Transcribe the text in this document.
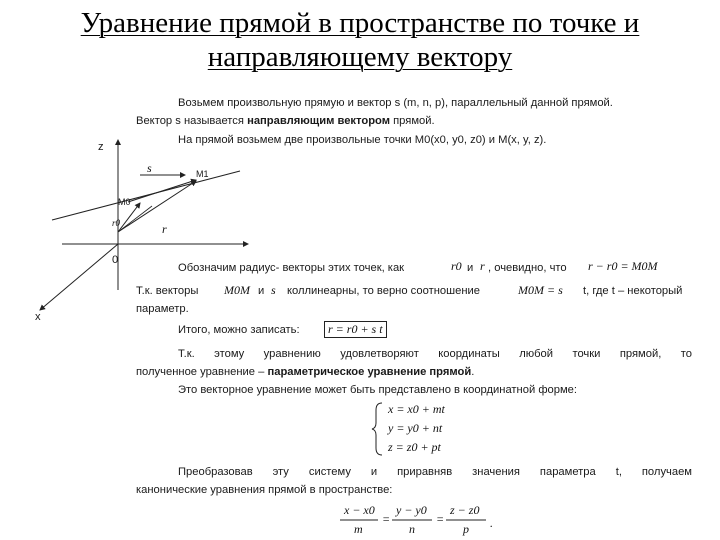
Уравнение прямой в пространстве по точке и
направляющему вектору
z
x
0
s	M1
M0
r
r0
Возьмем произвольную прямую и вектор s (m, n, p), параллельный данной прямой.
Вектор s называется направляющим вектором прямой.
На прямой возьмем две произвольные точки M0(x0, y0, z0) и M(x, y, z).
Обозначим радиус- векторы этих точек, как	r0 и r , очевидно, что r − r0 = M0M
Т.к. векторы M0M и s коллинеарны, то верно соотношение	M0M = s t, где t – некоторый
параметр.
Итого, можно записать:	r = r0 + s t
Т.к. этому уравнению удовлетворяют координаты любой точки прямой, то
полученное уравнение – параметрическое уравнение прямой.
Это векторное уравнение может быть представлено в координатной форме:
x = x0 + mt
y = y0 + nt
z = z0 + pt
Преобразовав эту систему и приравняв значения параметра t, получаем
канонические уравнения прямой в пространстве:
x − x0
m
=
y − y0
n
=
z − z0
p .
